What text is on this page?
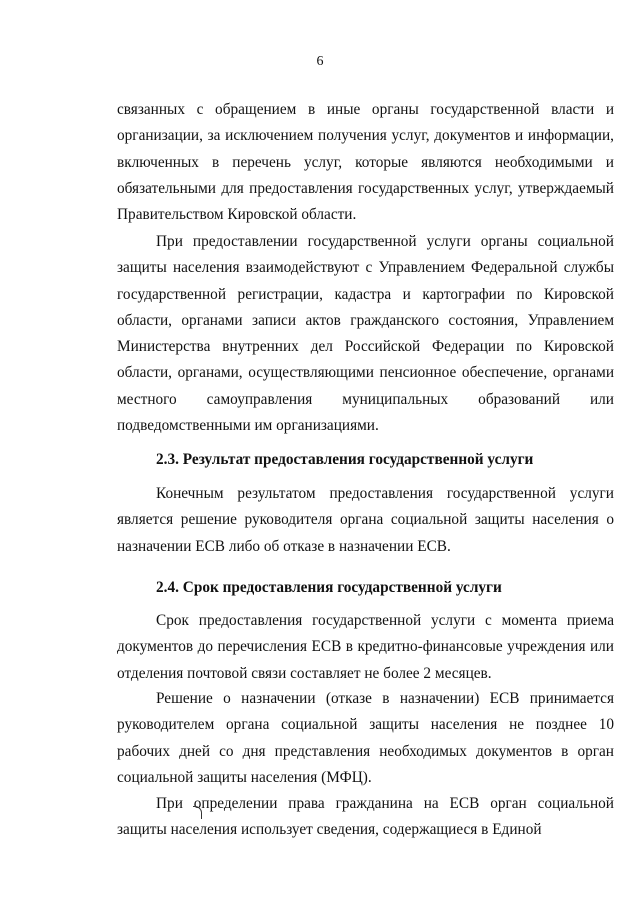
6

связанных с обращением в иные органы государственной власти и организации, за исключением получения услуг, документов и информации, включенных в перечень услуг, которые являются необходимыми и обязательными для предоставления государственных услуг, утверждаемый Правительством Кировской области.

При предоставлении государственной услуги органы социальной защиты населения взаимодействуют с Управлением Федеральной службы государственной регистрации, кадастра и картографии по Кировской области, органами записи актов гражданского состояния, Управлением Министерства внутренних дел Российской Федерации по Кировской области, органами, осуществляющими пенсионное обеспечение, органами местного самоуправления муниципальных образований или подведомственными им организациями.

2.3. Результат предоставления государственной услуги

Конечным результатом предоставления государственной услуги является решение руководителя органа социальной защиты населения о назначении ЕСВ либо об отказе в назначении ЕСВ.

2.4. Срок предоставления государственной услуги

Срок предоставления государственной услуги с момента приема документов до перечисления ЕСВ в кредитно-финансовые учреждения или отделения почтовой связи составляет не более 2 месяцев.

Решение о назначении (отказе в назначении) ЕСВ принимается руководителем органа социальной защиты населения не позднее 10 рабочих дней со дня представления необходимых документов в орган социальной защиты населения (МФЦ).

При определении права гражданина на ЕСВ орган социальной защиты населения использует сведения, содержащиеся в Единой
